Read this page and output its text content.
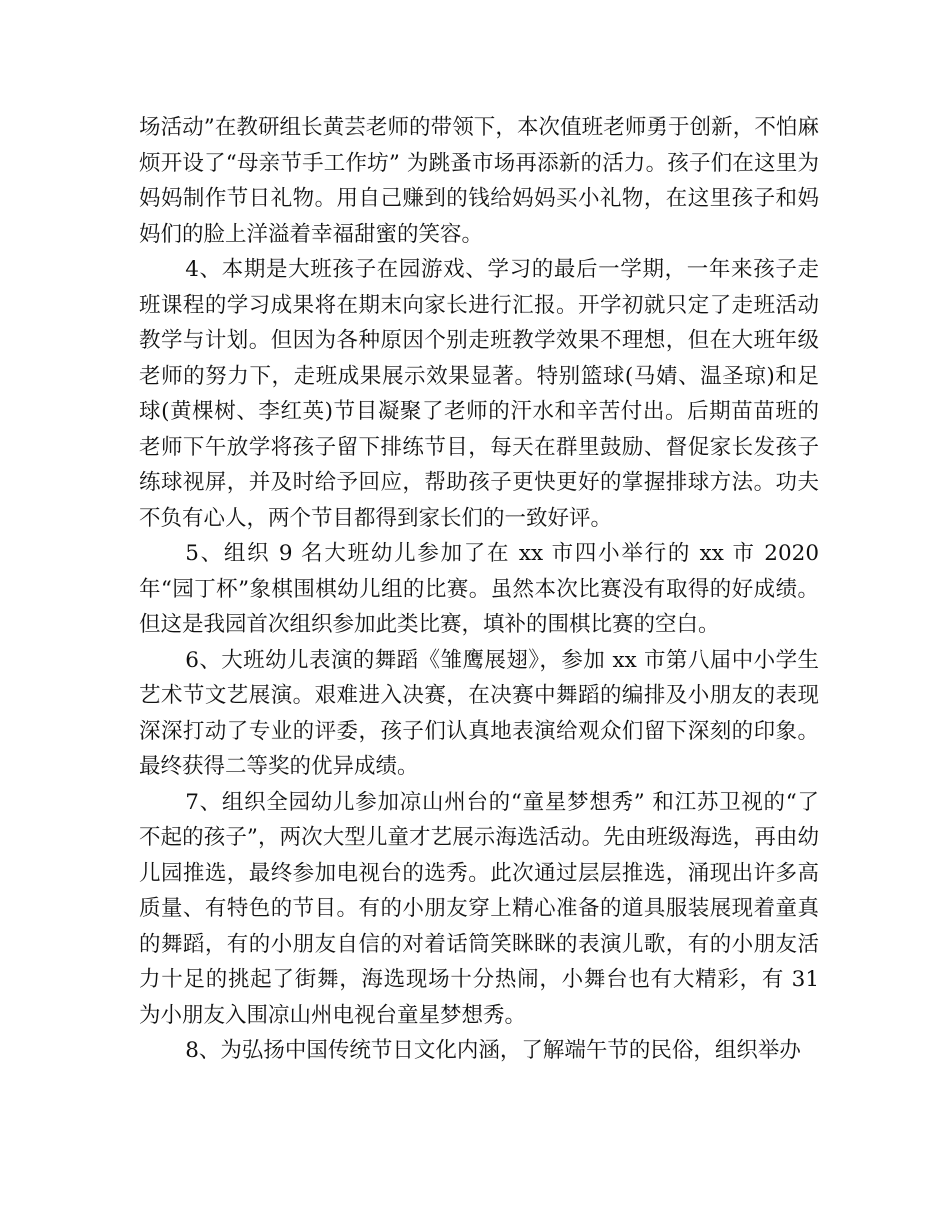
场活动”在教研组长黄芸老师的带领下，本次值班老师勇于创新，不怕麻烦开设了“母亲节手工作坊” 为跳蚤市场再添新的活力。孩子们在这里为妈妈制作节日礼物。用自己赚到的钱给妈妈买小礼物，在这里孩子和妈妈们的脸上洋溢着幸福甜蜜的笑容。

4、本期是大班孩子在园游戏、学习的最后一学期，一年来孩子走班课程的学习成果将在期末向家长进行汇报。开学初就只定了走班活动教学与计划。但因为各种原因个别走班教学效果不理想，但在大班年级老师的努力下，走班成果展示效果显著。特别篮球(马婧、温圣琼)和足球(黄棵树、李红英)节目凝聚了老师的汗水和辛苦付出。后期苗苗班的老师下午放学将孩子留下排练节目，每天在群里鼓励、督促家长发孩子练球视屏，并及时给予回应，帮助孩子更快更好的掌握排球方法。功夫不负有心人，两个节目都得到家长们的一致好评。

5、组织 9 名大班幼儿参加了在 xx 市四小举行的 xx 市 2020 年“园丁杯”象棋围棋幼儿组的比赛。虽然本次比赛没有取得的好成绩。但这是我园首次组织参加此类比赛，填补的围棋比赛的空白。

6、大班幼儿表演的舞蹈《雏鹰展翅》，参加 xx 市第八届中小学生艺术节文艺展演。艰难进入决赛，在决赛中舞蹈的编排及小朋友的表现深深打动了专业的评委，孩子们认真地表演给观众们留下深刻的印象。最终获得二等奖的优异成绩。

7、组织全园幼儿参加凉山州台的“童星梦想秀” 和江苏卫视的“了不起的孩子”，两次大型儿童才艺展示海选活动。先由班级海选，再由幼儿园推选，最终参加电视台的选秀。此次通过层层推选，涌现出许多高质量、有特色的节目。有的小朋友穿上精心准备的道具服装展现着童真的舞蹈，有的小朋友自信的对着话筒笑眯眯的表演儿歌，有的小朋友活力十足的挑起了街舞，海选现场十分热闹，小舞台也有大精彩，有 31 为小朋友入围凉山州电视台童星梦想秀。

8、为弘扬中国传统节日文化内涵，了解端午节的民俗，组织举办
